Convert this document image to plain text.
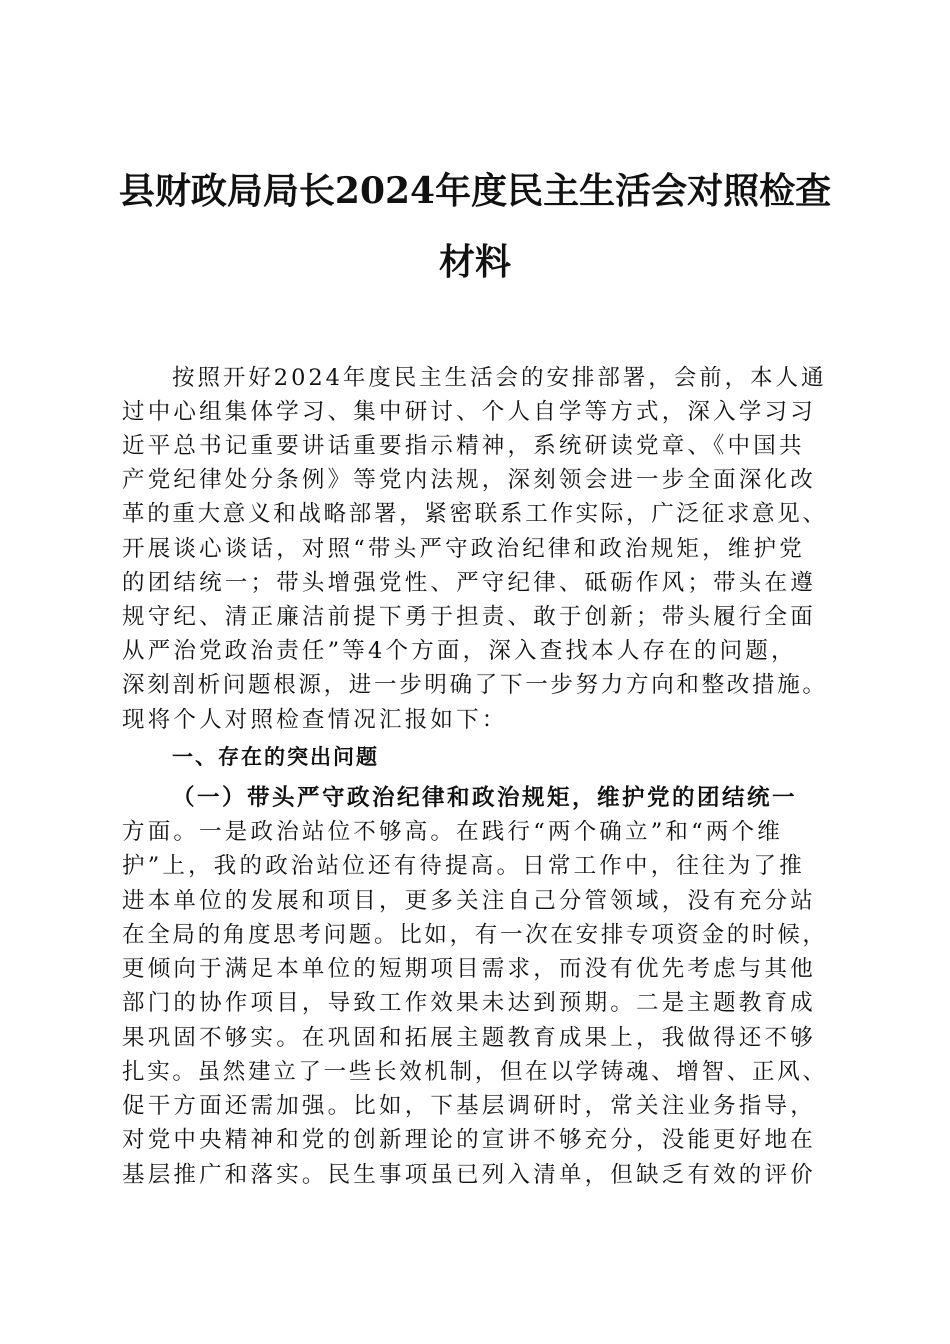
县财政局局长2024年度民主生活会对照检查
材料
按照开好2024年度民主生活会的安排部署，会前，本人通
过中心组集体学习、集中研讨、个人自学等方式，深入学习习
近平总书记重要讲话重要指示精神，系统研读党章、《中国共
产党纪律处分条例》等党内法规，深刻领会进一步全面深化改
革的重大意义和战略部署，紧密联系工作实际，广泛征求意见、
开展谈心谈话，对照“带头严守政治纪律和政治规矩，维护党
的团结统一；带头增强党性、严守纪律、砥砺作风；带头在遵
规守纪、清正廉洁前提下勇于担责、敢于创新；带头履行全面
从严治党政治责任”等4个方面，深入查找本人存在的问题，
深刻剖析问题根源，进一步明确了下一步努力方向和整改措施。
现将个人对照检查情况汇报如下：
一、存在的突出问题
（一）带头严守政治纪律和政治规矩，维护党的团结统一
方面。一是政治站位不够高。在践行“两个确立”和“两个维
护”上，我的政治站位还有待提高。日常工作中，往往为了推
进本单位的发展和项目，更多关注自己分管领域，没有充分站
在全局的角度思考问题。比如，有一次在安排专项资金的时候，
更倾向于满足本单位的短期项目需求，而没有优先考虑与其他
部门的协作项目，导致工作效果未达到预期。二是主题教育成
果巩固不够实。在巩固和拓展主题教育成果上，我做得还不够
扎实。虽然建立了一些长效机制，但在以学铸魂、增智、正风、
促干方面还需加强。比如，下基层调研时，常关注业务指导，
对党中央精神和党的创新理论的宣讲不够充分，没能更好地在
基层推广和落实。民生事项虽已列入清单，但缺乏有效的评价
